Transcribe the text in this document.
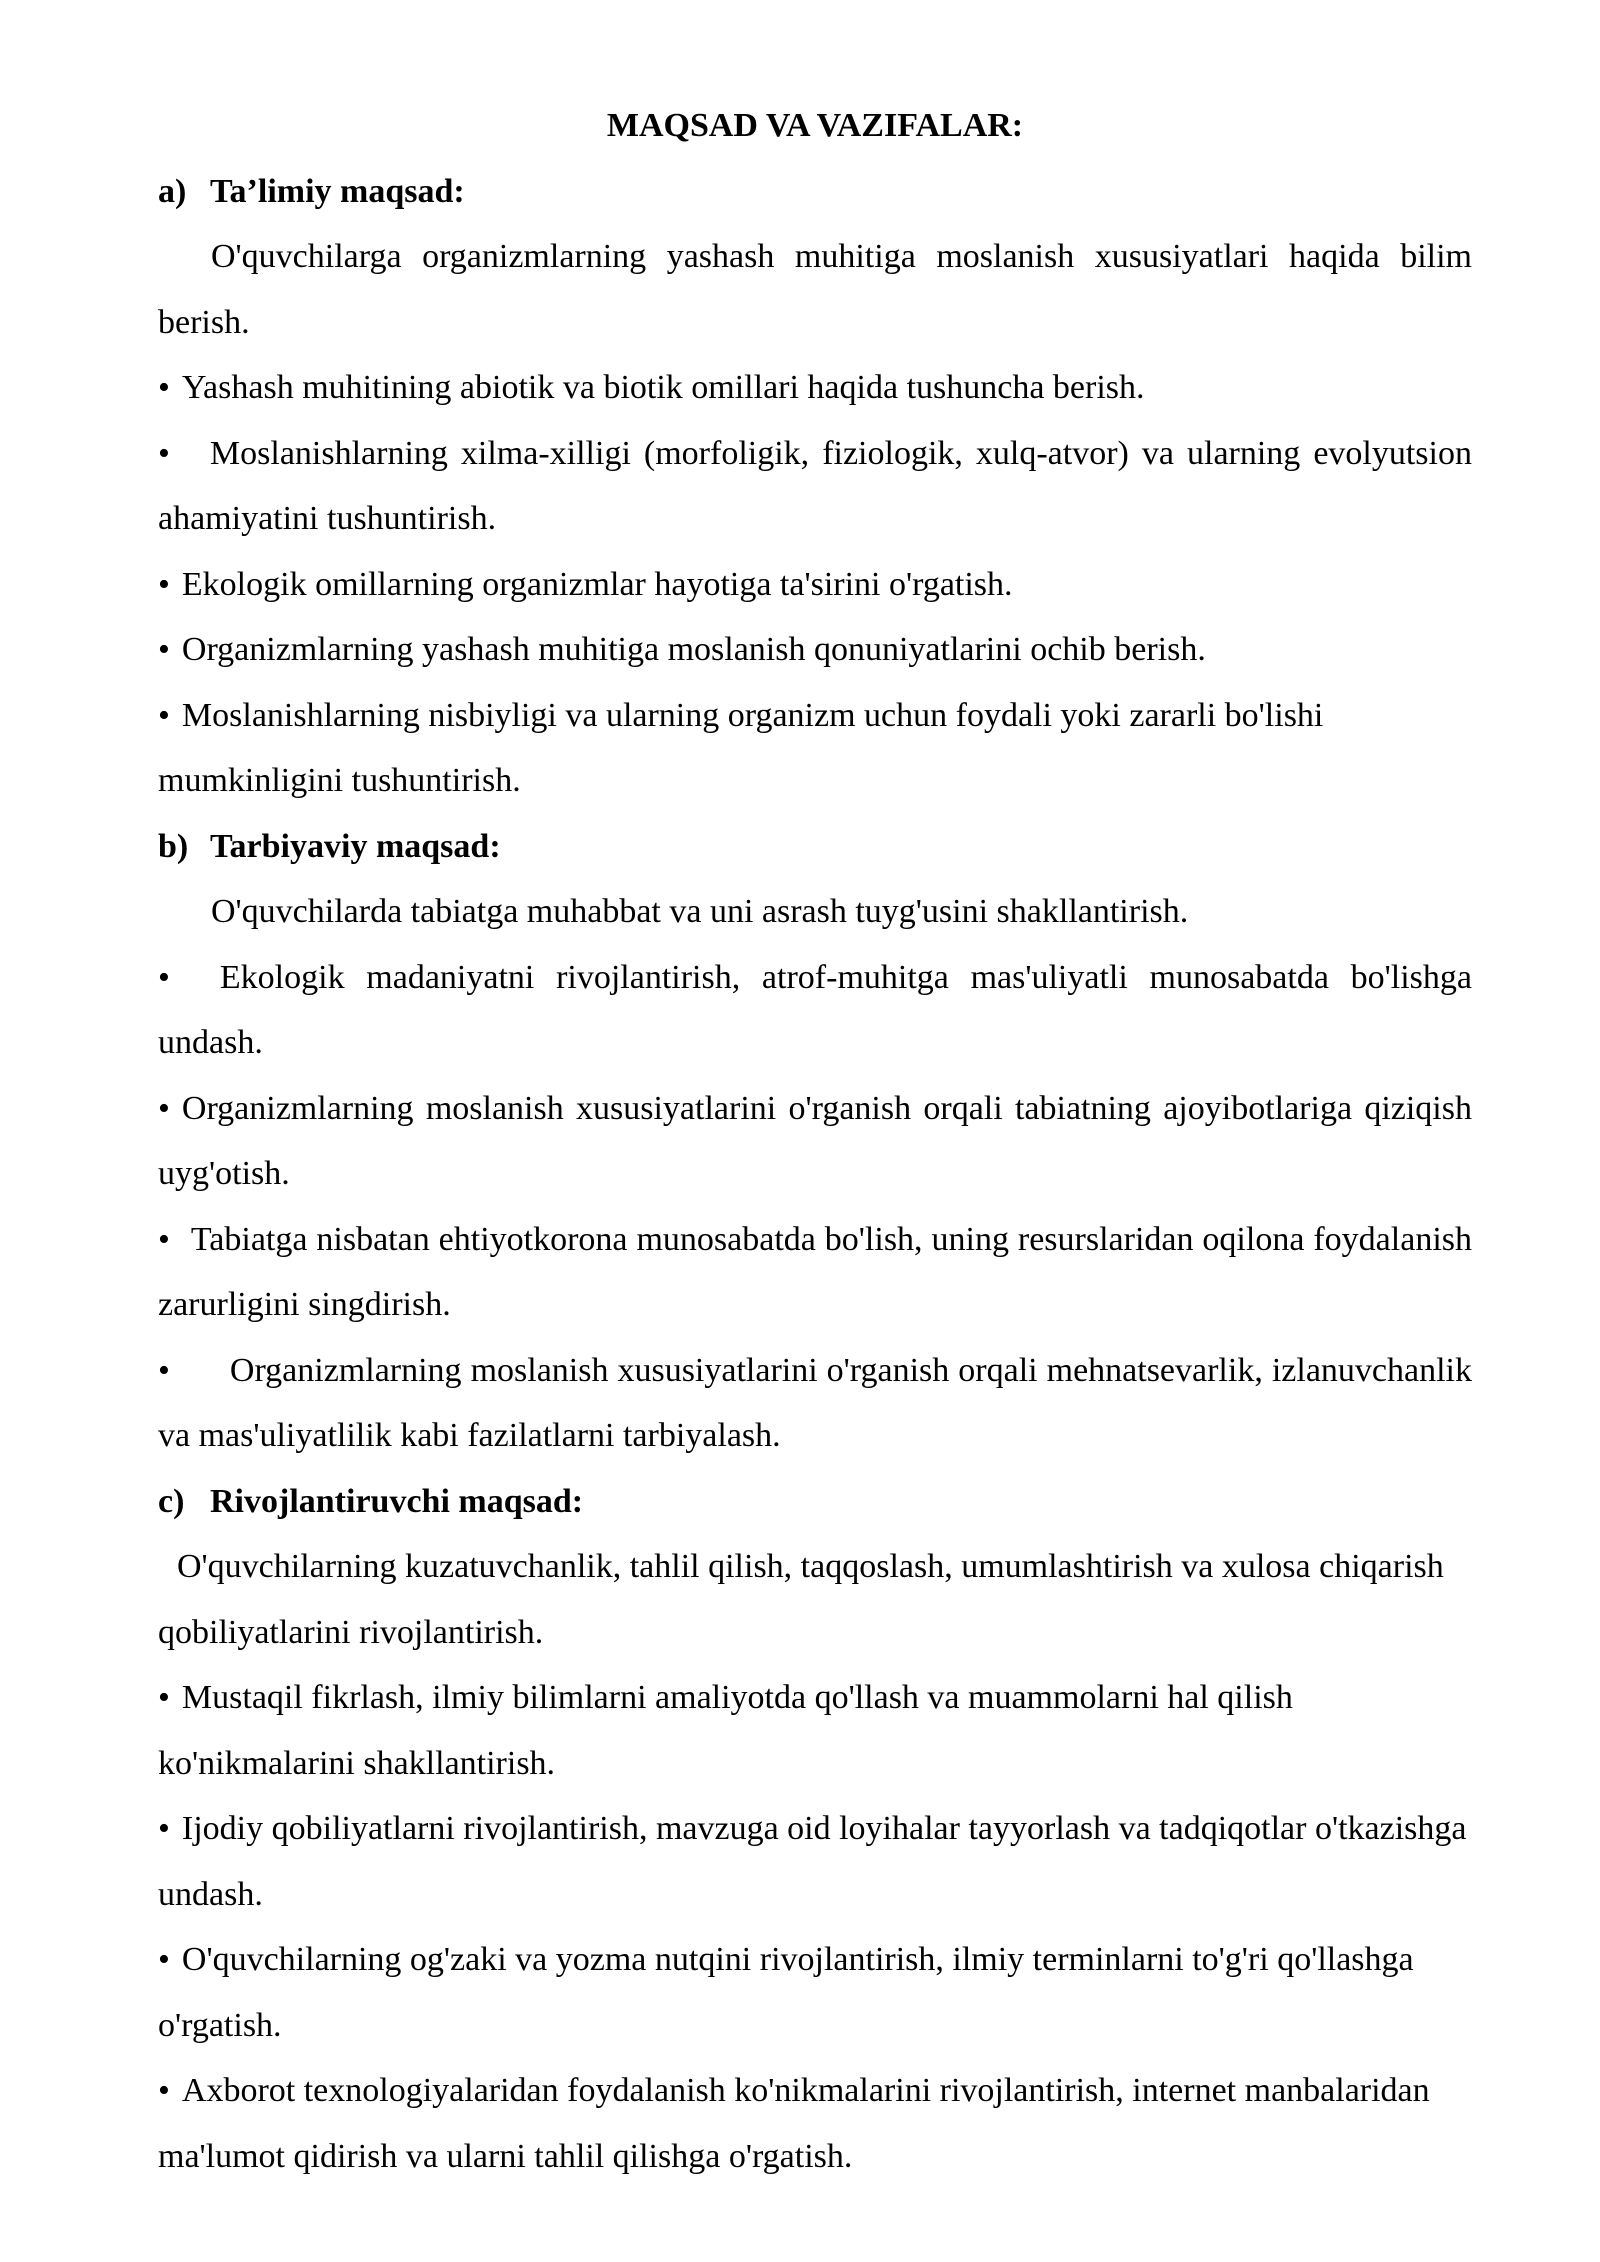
MAQSAD VA VAZIFALAR:

a) Ta’limiy maqsad:

O'quvchilarga organizmlarning yashash muhitiga moslanish xususiyatlari haqida bilim berish.

• Yashash muhitining abiotik va biotik omillari haqida tushuncha berish.

• Moslanishlarning xilma-xilligi (morfoligik, fiziologik, xulq-atvor) va ularning evolyutsion ahamiyatini tushuntirish.

• Ekologik omillarning organizmlar hayotiga ta'sirini o'rgatish.

• Organizmlarning yashash muhitiga moslanish qonuniyatlarini ochib berish.

• Moslanishlarning nisbiyligi va ularning organizm uchun foydali yoki zararli bo'lishi mumkinligini tushuntirish.

b) Tarbiyaviy maqsad:

O'quvchilarda tabiatga muhabbat va uni asrash tuyg'usini shakllantirish.

• Ekologik madaniyatni rivojlantirish, atrof-muhitga mas'uliyatli munosabatda bo'lishga undash.

• Organizmlarning moslanish xususiyatlarini o'rganish orqali tabiatning ajoyibotlariga qiziqish uyg'otish.

• Tabiatga nisbatan ehtiyotkorona munosabatda bo'lish, uning resurslaridan oqilona foydalanish zarurligini singdirish.

• Organizmlarning moslanish xususiyatlarini o'rganish orqali mehnatsevarlik, izlanuvchanlik va mas'uliyatlilik kabi fazilatlarni tarbiyalash.

c) Rivojlantiruvchi maqsad:

O'quvchilarning kuzatuvchanlik, tahlil qilish, taqqoslash, umumlashtirish va xulosa chiqarish qobiliyatlarini rivojlantirish.

• Mustaqil fikrlash, ilmiy bilimlarni amaliyotda qo'llash va muammolarni hal qilish ko'nikmalarini shakllantirish.

• Ijodiy qobiliyatlarni rivojlantirish, mavzuga oid loyihalar tayyorlash va tadqiqotlar o'tkazishga undash.

• O'quvchilarning og'zaki va yozma nutqini rivojlantirish, ilmiy terminlarni to'g'ri qo'llashga o'rgatish.

• Axborot texnologiyalaridan foydalanish ko'nikmalarini rivojlantirish, internet manbalaridan ma'lumot qidirish va ularni tahlil qilishga o'rgatish.
